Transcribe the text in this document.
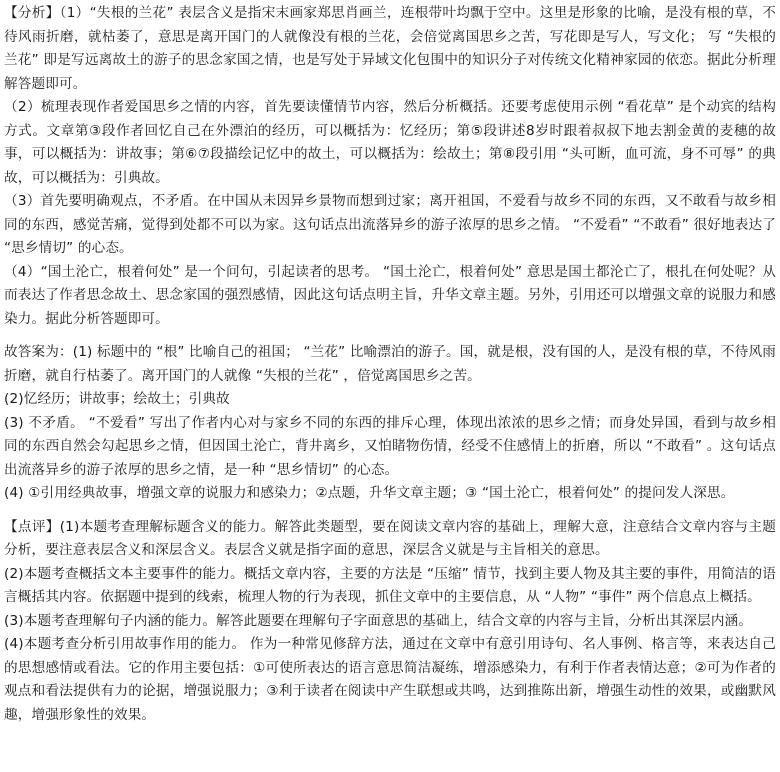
【分析】（1）“失根的兰花” 表层含义是指宋末画家郑思肖画兰，连根带叶均飘于空中。这里是形象的比喻，是没有根的草，不待风雨折磨，就枯萎了，意思是离开国门的人就像没有根的兰花，会倍觉离国思乡之苦，写花即是写人，写文化； 写 “失根的兰花” 即是写远离故土的游子的思念家国之情，也是写处于异域文化包围中的知识分子对传统文化精神家园的依恋。据此分析理解答题即可。

（2）梳理表现作者爱国思乡之情的内容，首先要读懂情节内容，然后分析概括。还要考虑使用示例 “看花草” 是个动宾的结构方式。文章第③段作者回忆自己在外漂泊的经历，可以概括为：忆经历；第⑤段讲述8岁时跟着叔叔下地去割金黄的麦穗的故事，可以概括为：讲故事；第⑥⑦段描绘记忆中的故土，可以概括为：绘故土；第⑧段引用 “头可断，血可流，身不可辱” 的典故，可以概括为：引典故。

（3）首先要明确观点，不矛盾。在中国从未因异乡景物而想到过家；离开祖国，不爱看与故乡不同的东西，又不敢看与故乡相同的东西，感觉苦痛，觉得到处都不可以为家。这句话点出流落异乡的游子浓厚的思乡之情。 “不爱看” “不敢看” 很好地表达了 “思乡情切” 的心态。

（4）“国土沦亡，根着何处” 是一个问句，引起读者的思考。 “国土沦亡，根着何处” 意思是国土都沦亡了，根扎在何处呢？从而表达了作者思念故土、思念家国的强烈感情，因此这句话点明主旨，升华文章主题。另外，引用还可以增强文章的说服力和感染力。据此分析答题即可。

故答案为：(1) 标题中的 “根” 比喻自己的祖国； “兰花” 比喻漂泊的游子。国，就是根，没有国的人，是没有根的草，不待风雨折磨，就自行枯萎了。离开国门的人就像 “失根的兰花” ，倍觉离国思乡之苦。

(2)忆经历；讲故事；绘故土；引典故

(3) 不矛盾。 “不爱看” 写出了作者内心对与家乡不同的东西的排斥心理，体现出浓浓的思乡之情；而身处异国，看到与故乡相同的东西自然会勾起思乡之情，但因国土沦亡，背井离乡，又怕睹物伤情，经受不住感情上的折磨，所以 “不敢看” 。这句话点出流落异乡的游子浓厚的思乡之情，是一种 “思乡情切” 的心态。

(4) ①引用经典故事，增强文章的说服力和感染力；②点题，升华文章主题；③ “国土沦亡，根着何处” 的提问发人深思。

【点评】(1)本题考查理解标题含义的能力。解答此类题型，要在阅读文章内容的基础上，理解大意，注意结合文章内容与主题分析，要注意表层含义和深层含义。表层含义就是指字面的意思，深层含义就是与主旨相关的意思。

(2)本题考查概括文本主要事件的能力。概括文章内容，主要的方法是 “压缩” 情节，找到主要人物及其主要的事件，用简洁的语言概括其内容。依据题中提到的线索，梳理人物的行为表现，抓住文章中的主要信息，从 “人物” “事件” 两个信息点上概括。

(3)本题考查理解句子内涵的能力。解答此题要在理解句子字面意思的基础上，结合文章的内容与主旨，分析出其深层内涵。

(4)本题考查分析引用故事作用的能力。 作为一种常见修辞方法，通过在文章中有意引用诗句、名人事例、格言等，来表达自己的思想感情或看法。它的作用主要包括：①可使所表达的语言意思简洁凝练，增添感染力，有利于作者表情达意；②可为作者的观点和看法提供有力的论据，增强说服力；③利于读者在阅读中产生联想或共鸣，达到推陈出新，增强生动性的效果，或幽默风趣，增强形象性的效果。
